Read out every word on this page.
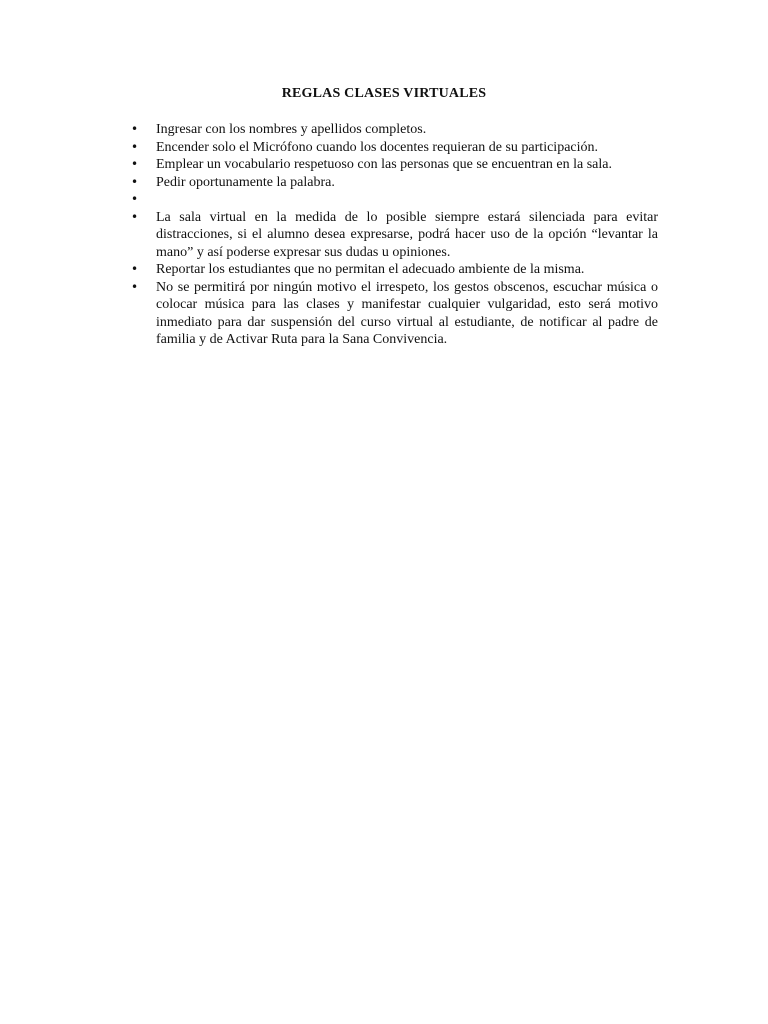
REGLAS CLASES VIRTUALES
• Ingresar con los nombres y apellidos completos.
• Encender solo el Micrófono cuando los docentes requieran de su participación.
• Emplear un vocabulario respetuoso con las personas que se encuentran en la sala.
• Pedir oportunamente la palabra.
•
• La sala virtual en la medida de lo posible siempre estará silenciada para evitar distracciones, si el alumno desea expresarse, podrá hacer uso de la opción “levantar la mano” y así poderse expresar sus dudas u opiniones.
• Reportar los estudiantes que no permitan el adecuado ambiente de la misma.
• No se permitirá por ningún motivo el irrespeto, los gestos obscenos, escuchar música o colocar música para las clases y manifestar cualquier vulgaridad, esto será motivo inmediato para dar suspensión del curso virtual al estudiante, de notificar al padre de familia y de Activar Ruta para la Sana Convivencia.
